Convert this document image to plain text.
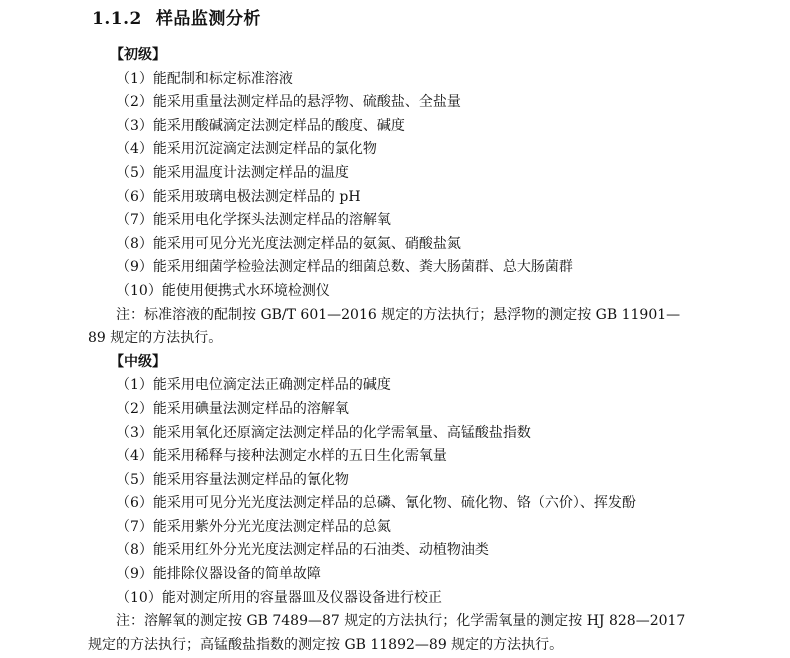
1.1.2 样品监测分析
【初级】
（1）能配制和标定标准溶液
（2）能采用重量法测定样品的悬浮物、硫酸盐、全盐量
（3）能采用酸碱滴定法测定样品的酸度、碱度
（4）能采用沉淀滴定法测定样品的氯化物
（5）能采用温度计法测定样品的温度
（6）能采用玻璃电极法测定样品的 pH
（7）能采用电化学探头法测定样品的溶解氧
（8）能采用可见分光光度法测定样品的氨氮、硝酸盐氮
（9）能采用细菌学检验法测定样品的细菌总数、粪大肠菌群、总大肠菌群
（10）能使用便携式水环境检测仪
注：标准溶液的配制按 GB/T 601—2016 规定的方法执行；悬浮物的测定按 GB 11901—
89 规定的方法执行。
【中级】
（1）能采用电位滴定法正确测定样品的碱度
（2）能采用碘量法测定样品的溶解氧
（3）能采用氧化还原滴定法测定样品的化学需氧量、高锰酸盐指数
（4）能采用稀释与接种法测定水样的五日生化需氧量
（5）能采用容量法测定样品的氰化物
（6）能采用可见分光光度法测定样品的总磷、氰化物、硫化物、铬（六价）、挥发酚
（7）能采用紫外分光光度法测定样品的总氮
（8）能采用红外分光光度法测定样品的石油类、动植物油类
（9）能排除仪器设备的简单故障
（10）能对测定所用的容量器皿及仪器设备进行校正
注：溶解氧的测定按 GB 7489—87 规定的方法执行；化学需氧量的测定按 HJ 828—2017
规定的方法执行；高锰酸盐指数的测定按 GB 11892—89 规定的方法执行。
